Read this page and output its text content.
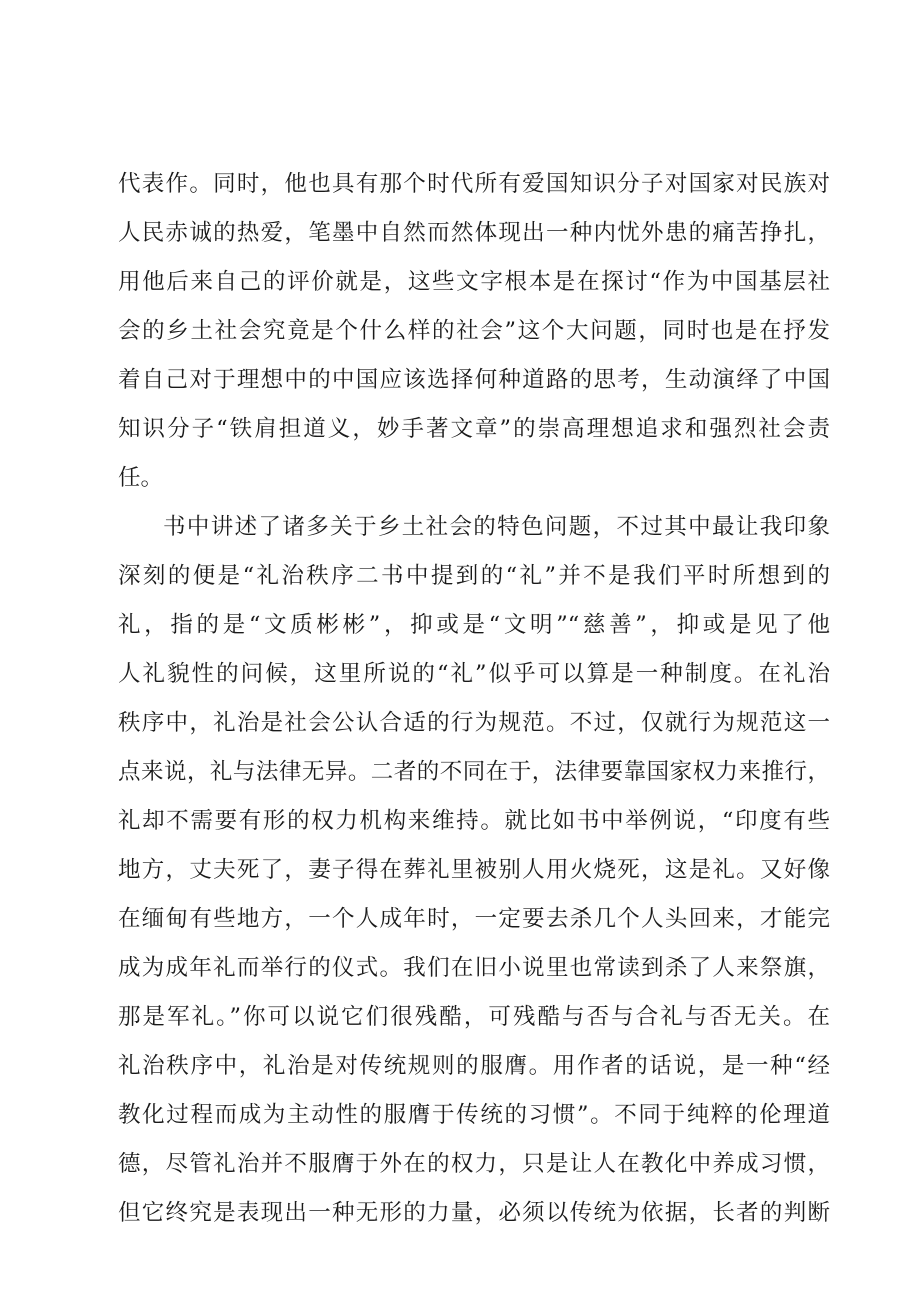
代表作。同时，他也具有那个时代所有爱国知识分子对国家对民族对
人民赤诚的热爱，笔墨中自然而然体现出一种内忧外患的痛苦挣扎，
用他后来自己的评价就是，这些文字根本是在探讨“作为中国基层社
会的乡土社会究竟是个什么样的社会”这个大问题，同时也是在抒发
着自己对于理想中的中国应该选择何种道路的思考，生动演绎了中国
知识分子“铁肩担道义，妙手著文章”的崇高理想追求和强烈社会责
任。
书中讲述了诸多关于乡土社会的特色问题，不过其中最让我印象
深刻的便是“礼治秩序二书中提到的“礼”并不是我们平时所想到的
礼，指的是“文质彬彬”，抑或是“文明”“慈善”，抑或是见了他
人礼貌性的问候，这里所说的“礼”似乎可以算是一种制度。在礼治
秩序中，礼治是社会公认合适的行为规范。不过，仅就行为规范这一
点来说，礼与法律无异。二者的不同在于，法律要靠国家权力来推行，
礼却不需要有形的权力机构来维持。就比如书中举例说，“印度有些
地方，丈夫死了，妻子得在葬礼里被别人用火烧死，这是礼。又好像
在缅甸有些地方，一个人成年时，一定要去杀几个人头回来，才能完
成为成年礼而举行的仪式。我们在旧小说里也常读到杀了人来祭旗，
那是军礼。”你可以说它们很残酷，可残酷与否与合礼与否无关。在
礼治秩序中，礼治是对传统规则的服膺。用作者的话说，是一种“经
教化过程而成为主动性的服膺于传统的习惯”。不同于纯粹的伦理道
德，尽管礼治并不服膺于外在的权力，只是让人在教化中养成习惯，
但它终究是表现出一种无形的力量，必须以传统为依据，长者的判断
